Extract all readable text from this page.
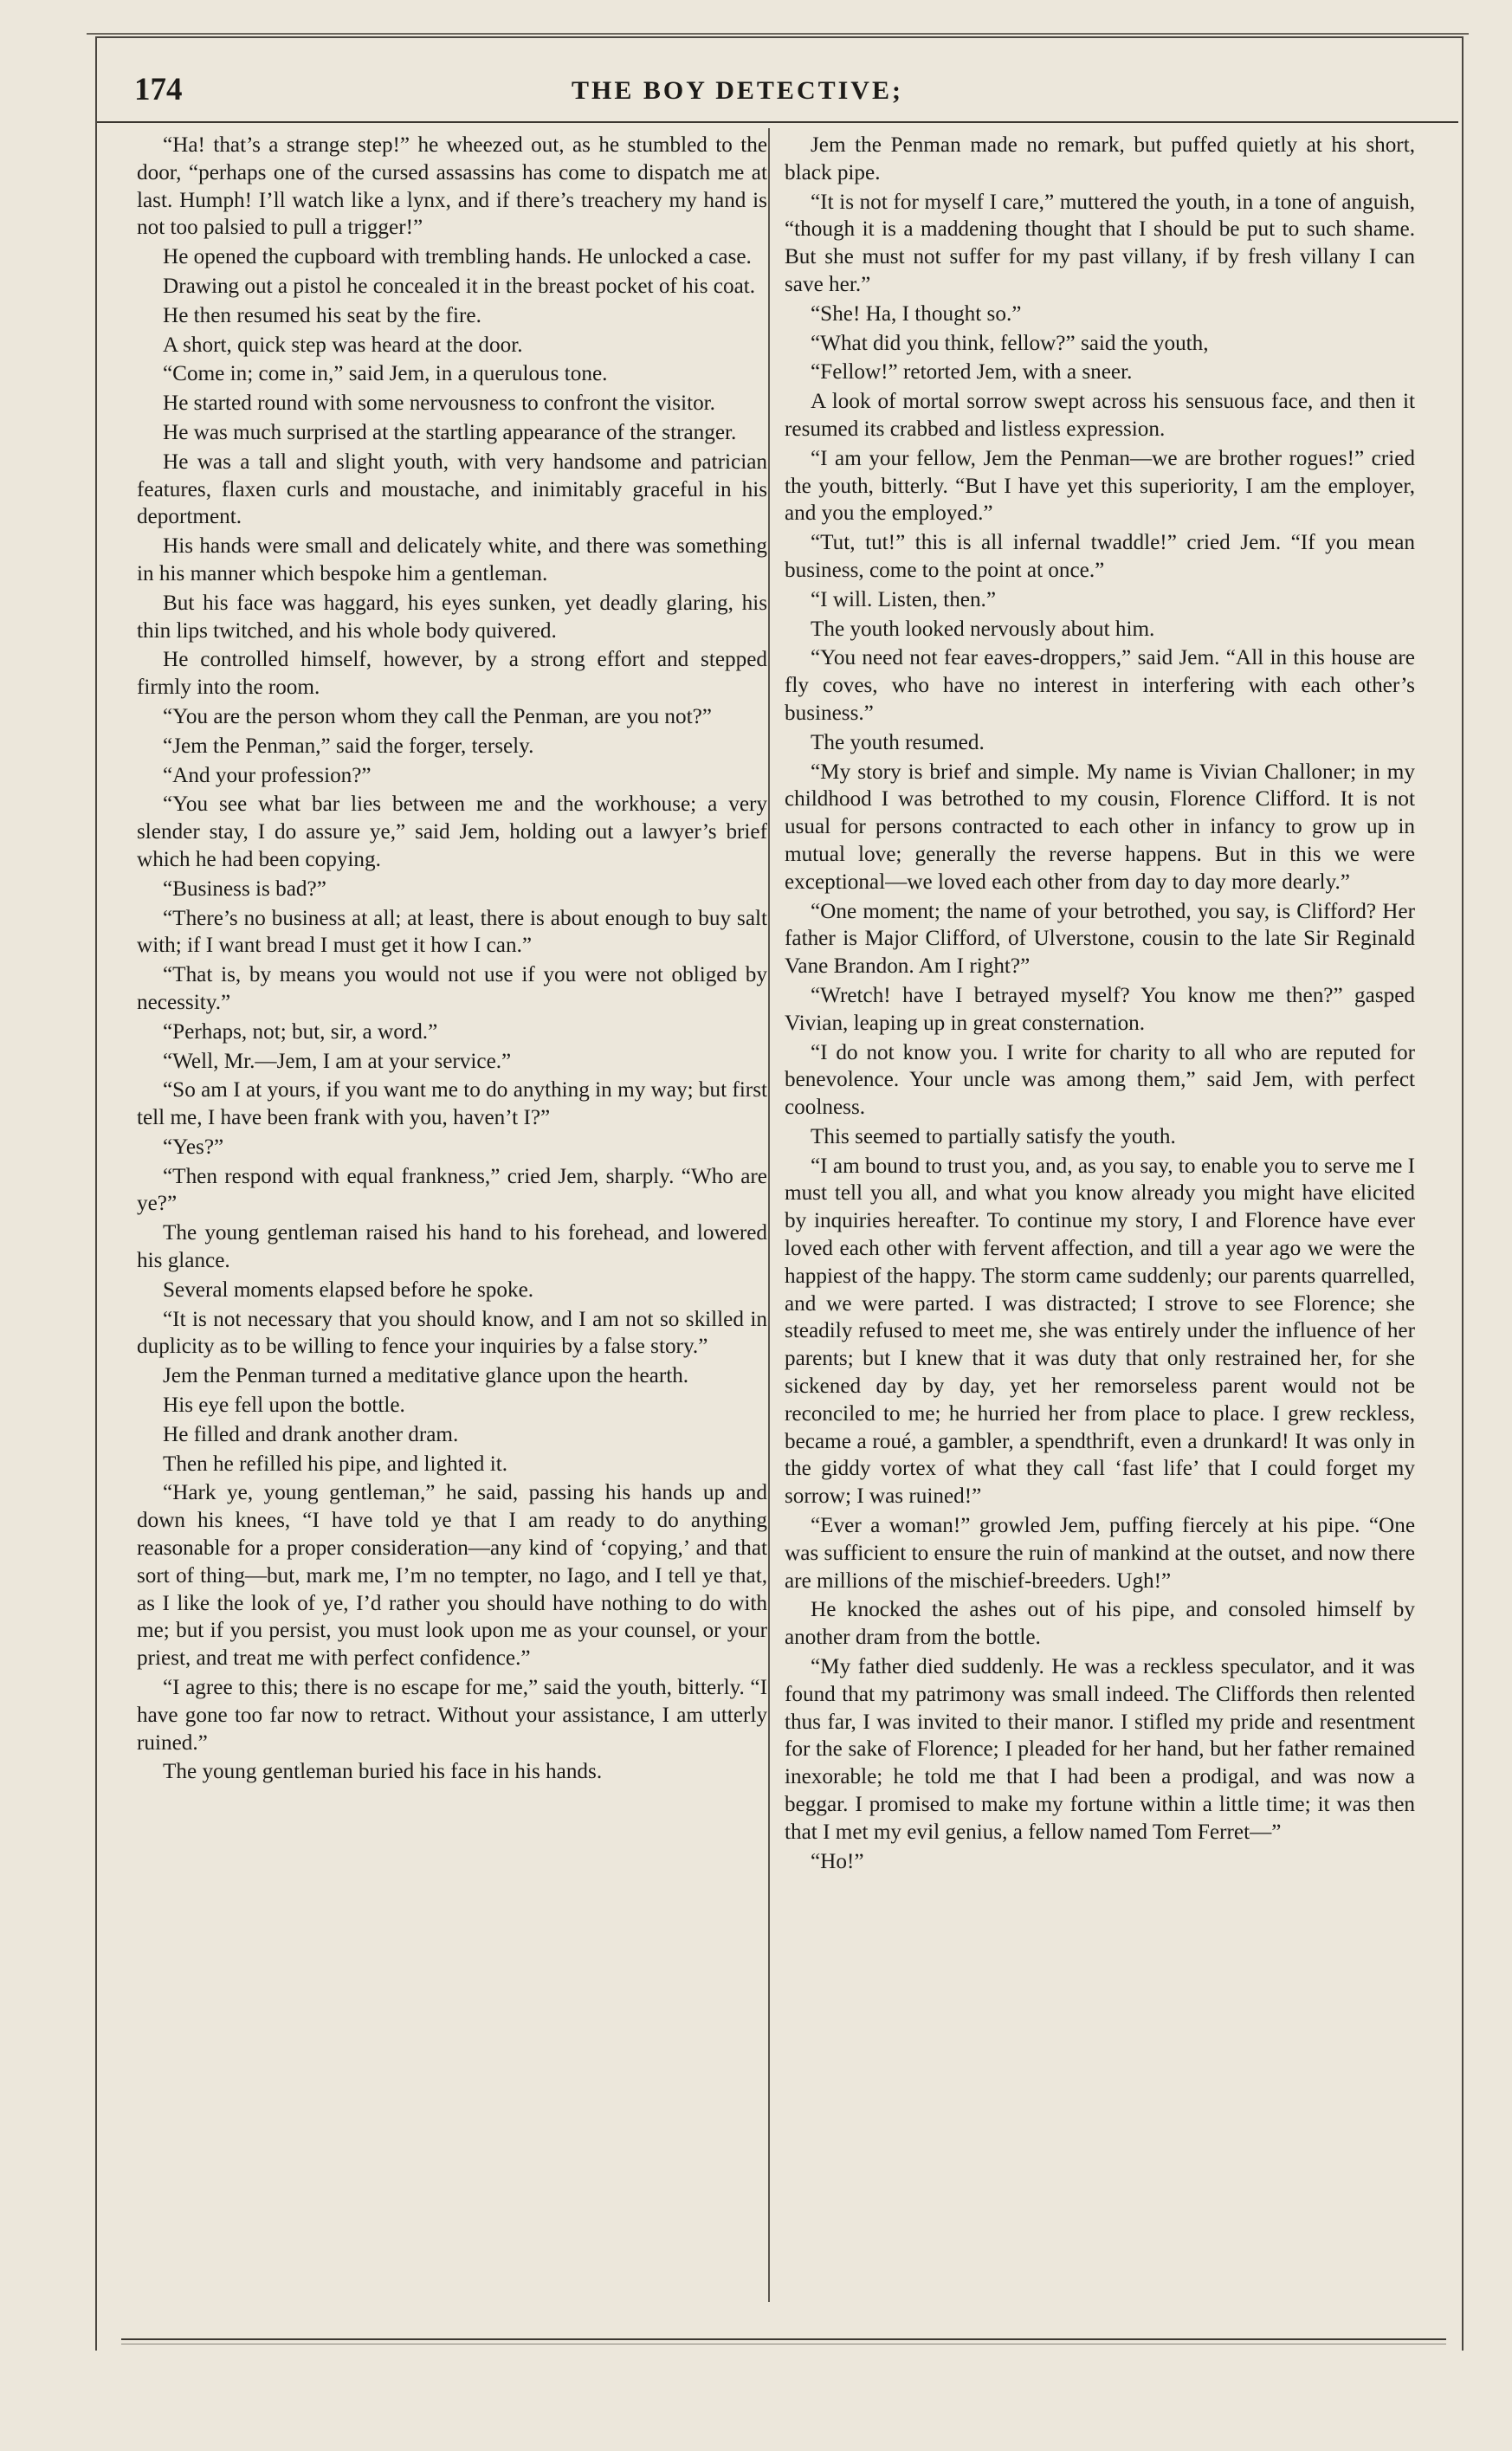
174	THE BOY DETECTIVE;

“Ha! that’s a strange step!” he wheezed out, as he stumbled to the door, “perhaps one of the cursed assassins has come to dispatch me at last. Humph! I’ll watch like a lynx, and if there’s treachery my hand is not too palsied to pull a trigger!”

He opened the cupboard with trembling hands. He unlocked a case.

Drawing out a pistol he concealed it in the breast pocket of his coat.

He then resumed his seat by the fire.

A short, quick step was heard at the door.

“Come in; come in,” said Jem, in a querulous tone.

He started round with some nervousness to confront the visitor.

He was much surprised at the startling appearance of the stranger.

He was a tall and slight youth, with very handsome and patrician features, flaxen curls and moustache, and inimitably graceful in his deportment.

His hands were small and delicately white, and there was something in his manner which bespoke him a gentleman.

But his face was haggard, his eyes sunken, yet deadly glaring, his thin lips twitched, and his whole body quivered.

He controlled himself, however, by a strong effort and stepped firmly into the room.

“You are the person whom they call the Penman, are you not?”

“Jem the Penman,” said the forger, tersely.

“And your profession?”

“You see what bar lies between me and the workhouse; a very slender stay, I do assure ye,” said Jem, holding out a lawyer’s brief which he had been copying.

“Business is bad?”

“There’s no business at all; at least, there is about enough to buy salt with; if I want bread I must get it how I can.”

“That is, by means you would not use if you were not obliged by necessity.”

“Perhaps, not; but, sir, a word.”

“Well, Mr.—Jem, I am at your service.”

“So am I at yours, if you want me to do anything in my way; but first tell me, I have been frank with you, haven’t I?”

“Yes?”

“Then respond with equal frankness,” cried Jem, sharply. “Who are ye?”

The young gentleman raised his hand to his forehead, and lowered his glance.

Several moments elapsed before he spoke.

“It is not necessary that you should know, and I am not so skilled in duplicity as to be willing to fence your inquiries by a false story.”

Jem the Penman turned a meditative glance upon the hearth.

His eye fell upon the bottle.

He filled and drank another dram.

Then he refilled his pipe, and lighted it.

“Hark ye, young gentleman,” he said, passing his hands up and down his knees, “I have told ye that I am ready to do anything reasonable for a proper consideration—any kind of ‘copying,’ and that sort of thing—but, mark me, I’m no tempter, no Iago, and I tell ye that, as I like the look of ye, I’d rather you should have nothing to do with me; but if you persist, you must look upon me as your counsel, or your priest, and treat me with perfect confidence.”

“I agree to this; there is no escape for me,” said the youth, bitterly. “I have gone too far now to retract. Without your assistance, I am utterly ruined.”

The young gentleman buried his face in his hands.

Jem the Penman made no remark, but puffed quietly at his short, black pipe.

“It is not for myself I care,” muttered the youth, in a tone of anguish, “though it is a maddening thought that I should be put to such shame. But she must not suffer for my past villany, if by fresh villany I can save her.”

“She! Ha, I thought so.”

“What did you think, fellow?” said the youth,

“Fellow!” retorted Jem, with a sneer.

A look of mortal sorrow swept across his sensuous face, and then it resumed its crabbed and listless expression.

“I am your fellow, Jem the Penman—we are brother rogues!” cried the youth, bitterly. “But I have yet this superiority, I am the employer, and you the employed.”

“Tut, tut!” this is all infernal twaddle!” cried Jem. “If you mean business, come to the point at once.”

“I will. Listen, then.”

The youth looked nervously about him.

“You need not fear eaves-droppers,” said Jem. “All in this house are fly coves, who have no interest in interfering with each other’s business.”

The youth resumed.

“My story is brief and simple. My name is Vivian Challoner; in my childhood I was betrothed to my cousin, Florence Clifford. It is not usual for persons contracted to each other in infancy to grow up in mutual love; generally the reverse happens. But in this we were exceptional—we loved each other from day to day more dearly.”

“One moment; the name of your betrothed, you say, is Clifford? Her father is Major Clifford, of Ulverstone, cousin to the late Sir Reginald Vane Brandon. Am I right?”

“Wretch! have I betrayed myself? You know me then?” gasped Vivian, leaping up in great consternation.

“I do not know you. I write for charity to all who are reputed for benevolence. Your uncle was among them,” said Jem, with perfect coolness.

This seemed to partially satisfy the youth.

“I am bound to trust you, and, as you say, to enable you to serve me I must tell you all, and what you know already you might have elicited by inquiries hereafter. To continue my story, I and Florence have ever loved each other with fervent affection, and till a year ago we were the happiest of the happy. The storm came suddenly; our parents quarrelled, and we were parted. I was distracted; I strove to see Florence; she steadily refused to meet me, she was entirely under the influence of her parents; but I knew that it was duty that only restrained her, for she sickened day by day, yet her remorseless parent would not be reconciled to me; he hurried her from place to place. I grew reckless, became a roué, a gambler, a spendthrift, even a drunkard! It was only in the giddy vortex of what they call ‘fast life’ that I could forget my sorrow; I was ruined!”

“Ever a woman!” growled Jem, puffing fiercely at his pipe. “One was sufficient to ensure the ruin of mankind at the outset, and now there are millions of the mischief-breeders. Ugh!”

He knocked the ashes out of his pipe, and consoled himself by another dram from the bottle.

“My father died suddenly. He was a reckless speculator, and it was found that my patrimony was small indeed. The Cliffords then relented thus far, I was invited to their manor. I stifled my pride and resentment for the sake of Florence; I pleaded for her hand, but her father remained inexorable; he told me that I had been a prodigal, and was now a beggar. I promised to make my fortune within a little time; it was then that I met my evil genius, a fellow named Tom Ferret—”

“Ho!”
